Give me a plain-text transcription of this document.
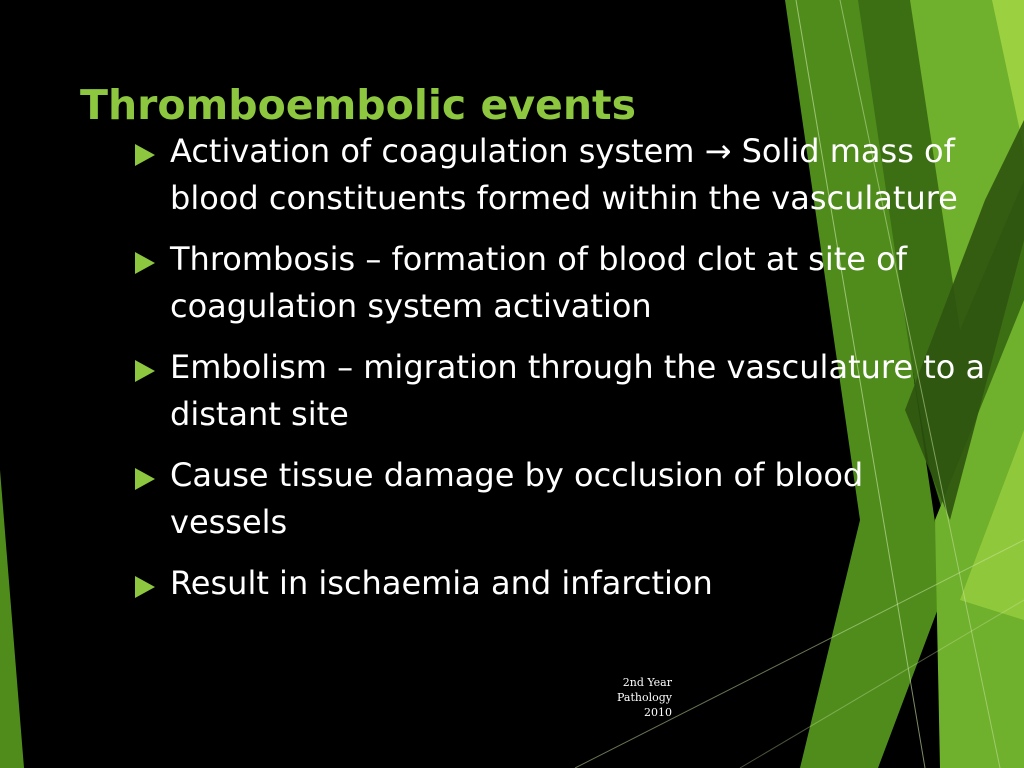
Thromboembolic events
Activation of coagulation system → Solid mass of blood constituents formed within the vasculature
Thrombosis – formation of blood clot at site of coagulation system activation
Embolism – migration through the vasculature to a distant site
Cause tissue damage by occlusion of blood vessels
Result in ischaemia and infarction
2nd Year
Pathology
2010
